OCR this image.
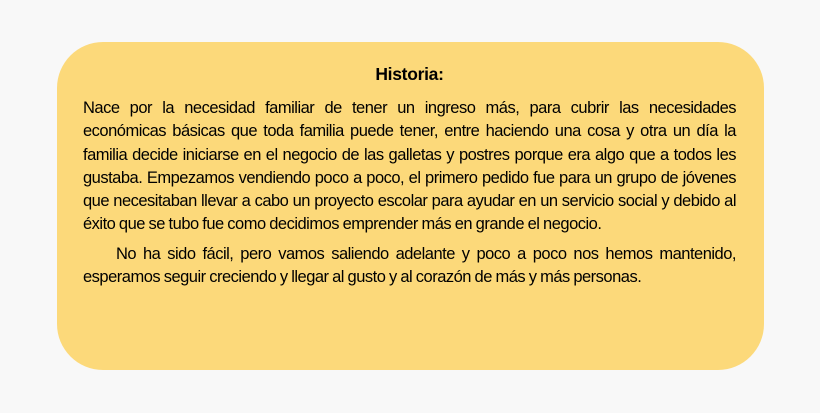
Historia:

Nace por la necesidad familiar de tener un ingreso más, para cubrir las necesidades económicas básicas que toda familia puede tener, entre haciendo una cosa y otra un día la familia decide iniciarse en el negocio de las galletas y postres porque era algo que a todos les gustaba. Empezamos vendiendo poco a poco, el primero pedido fue para un grupo de jóvenes que necesitaban llevar a cabo un proyecto escolar para ayudar en un servicio social y debido al éxito que se tubo fue como decidimos emprender más en grande el negocio.

No ha sido fácil, pero vamos saliendo adelante y poco a poco nos hemos mantenido, esperamos seguir creciendo y llegar al gusto y al corazón de más y más personas.
